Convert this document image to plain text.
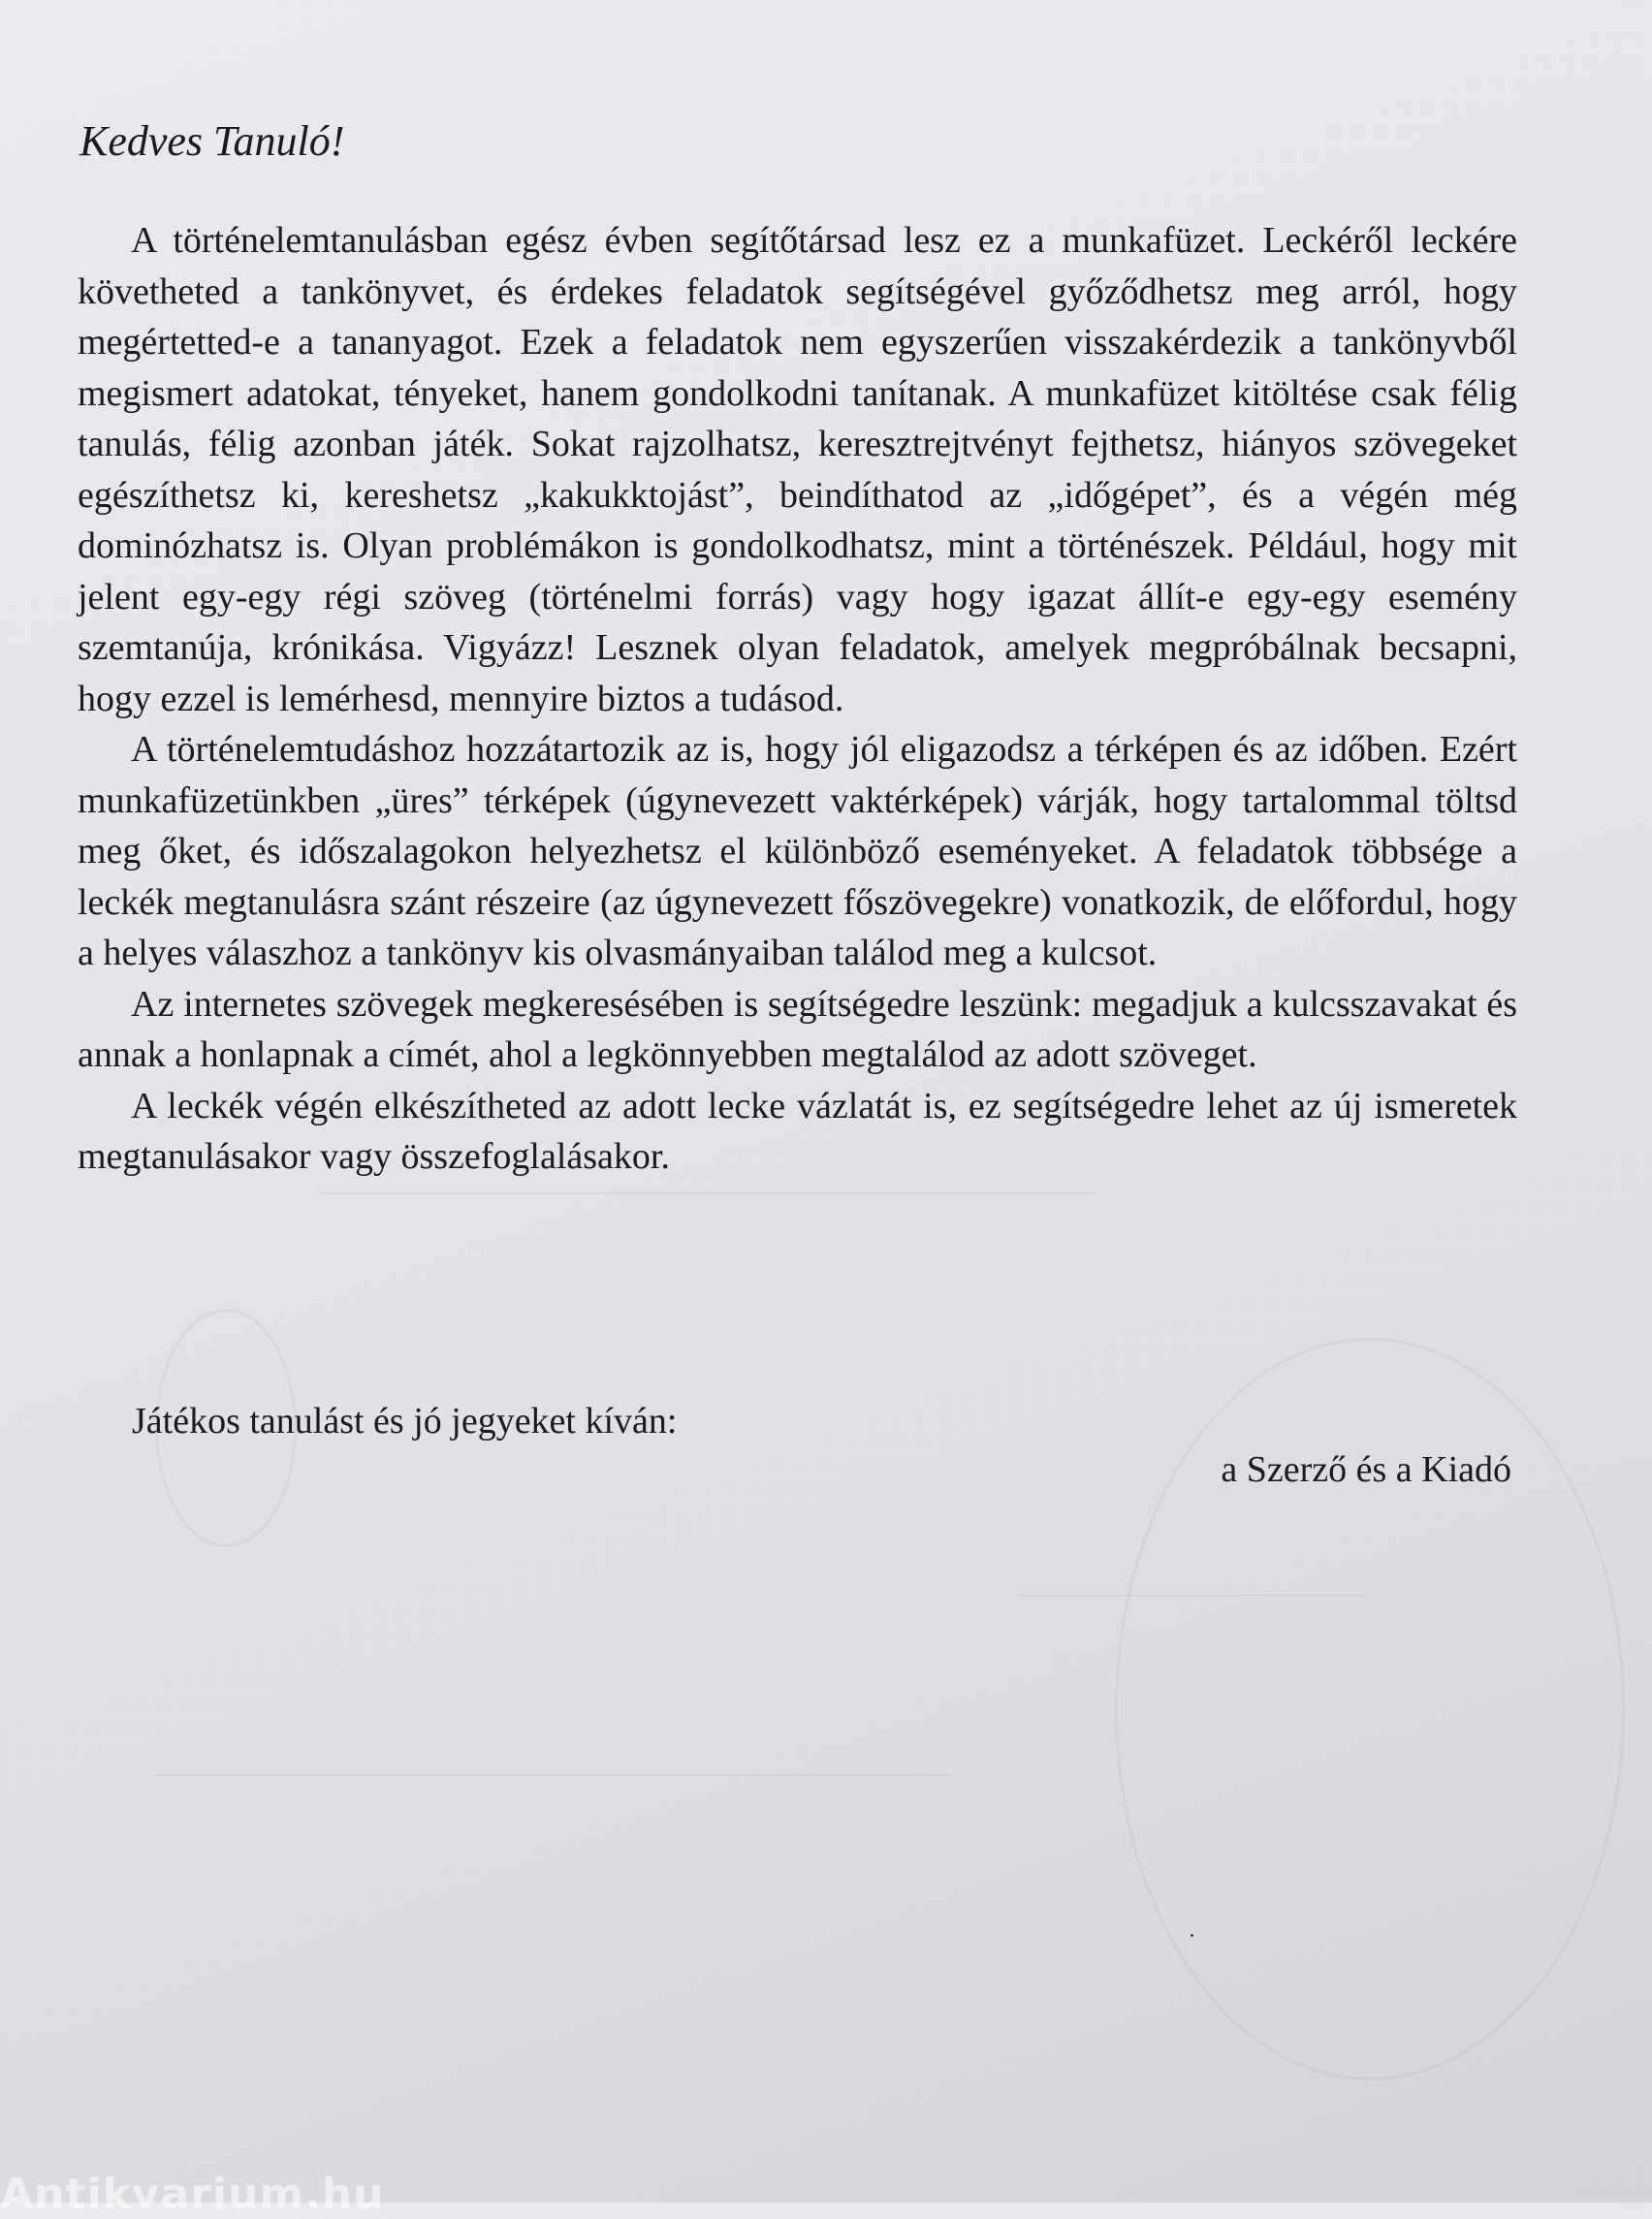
Kedves Tanuló!

A történelemtanulásban egész évben segítőtársad lesz ez a munkafüzet. Leckéről leckére követheted a tankönyvet, és érdekes feladatok segítségével győződhetsz meg arról, hogy megértetted-e a tananyagot. Ezek a feladatok nem egyszerűen visszakérdezik a tankönyvből megismert adatokat, tényeket, hanem gondolkodni tanítanak. A munkafüzet kitöltése csak félig tanulás, félig azonban játék. Sokat rajzolhatsz, keresztrejtvényt fejthetsz, hiányos szövegeket egészíthetsz ki, kereshetsz „kakukktojást”, beindíthatod az „időgépet”, és a végén még dominózhatsz is. Olyan problémákon is gondolkodhatsz, mint a történészek. Például, hogy mit jelent egy-egy régi szöveg (történelmi forrás) vagy hogy igazat állít-e egy-egy esemény szemtanúja, krónikása. Vigyázz! Lesznek olyan feladatok, amelyek megpróbálnak becsapni, hogy ezzel is lemérhesd, mennyire biztos a tudásod.

A történelemtudáshoz hozzátartozik az is, hogy jól eligazodsz a térképen és az időben. Ezért munkafüzetünkben „üres” térképek (úgynevezett vaktérképek) várják, hogy tartalommal töltsd meg őket, és időszalagokon helyezhetsz el különböző eseményeket. A feladatok többsége a leckék megtanulásra szánt részeire (az úgynevezett főszövegekre) vonatkozik, de előfordul, hogy a helyes válaszhoz a tankönyv kis olvasmányaiban találod meg a kulcsot.

Az internetes szövegek megkeresésében is segítségedre leszünk: megadjuk a kulcsszavakat és annak a honlapnak a címét, ahol a legkönnyebben megtalálod az adott szöveget.

A leckék végén elkészítheted az adott lecke vázlatát is, ez segítségedre lehet az új ismeretek megtanulásakor vagy összefoglalásakor.

Játékos tanulást és jó jegyeket kíván:

a Szerző és a Kiadó

Antikvarium.hu
